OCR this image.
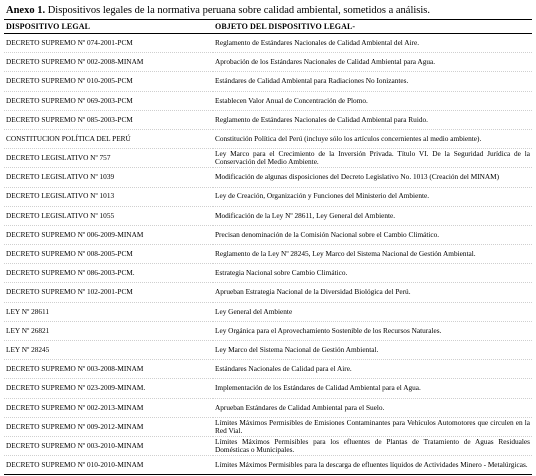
Anexo 1. Dispositivos legales de la normativa peruana sobre calidad ambiental, sometidos a análisis.
DISPOSITIVO LEGAL	OBJETO DEL DISPOSITIVO LEGAL-
DECRETO SUPREMO Nº 074-2001-PCM	Reglamento de Estándares Nacionales de Calidad Ambiental del Aire.
DECRETO SUPREMO Nº 002-2008-MINAM	Aprobación de los Estándares Nacionales de Calidad Ambiental para Agua.
DECRETO SUPREMO Nº 010-2005-PCM	Estándares de Calidad Ambiental para Radiaciones No Ionizantes.
DECRETO SUPREMO Nº 069-2003-PCM	Establecen Valor Anual de Concentración de Plomo.
DECRETO SUPREMO Nº 085-2003-PCM	Reglamento de Estándares Nacionales de Calidad Ambiental para Ruido.
CONSTITUCION POLÍTICA DEL PERÚ	Constitución Política del Perú (incluye sólo los artículos concernientes al medio ambiente).
DECRETO LEGISLATIVO Nº 757	Ley Marco para el Crecimiento de la Inversión Privada. Título VI. De la Seguridad Jurídica de la Conservación del Medio Ambiente.
DECRETO LEGISLATIVO Nº 1039	Modificación de algunas disposiciones del Decreto Legislativo No. 1013 (Creación del MINAM)
DECRETO LEGISLATIVO Nº 1013	Ley de Creación, Organización y Funciones del Ministerio del Ambiente.
DECRETO LEGISLATIVO Nº 1055	Modificación de la Ley Nº 28611, Ley General del Ambiente.
DECRETO SUPREMO Nº 006-2009-MINAM	Precisan denominación de la Comisión Nacional sobre el Cambio Climático.
DECRETO SUPREMO Nº 008-2005-PCM	Reglamento de la Ley Nº 28245, Ley Marco del Sistema Nacional de Gestión Ambiental.
DECRETO SUPREMO Nº 086-2003-PCM.	Estrategia Nacional sobre Cambio Climático.
DECRETO SUPREMO Nº 102-2001-PCM	Aprueban Estrategia Nacional de la Diversidad Biológica del Perú.
LEY Nº 28611	Ley General del Ambiente
LEY Nº 26821	Ley Orgánica para el Aprovechamiento Sostenible de los Recursos Naturales.
LEY Nº 28245	Ley Marco del Sistema Nacional de Gestión Ambiental.
DECRETO SUPREMO Nº 003-2008-MINAM	Estándares Nacionales de Calidad para el Aire.
DECRETO SUPREMO Nº 023-2009-MINAM.	Implementación de los Estándares de Calidad Ambiental para el Agua.
DECRETO SUPREMO Nº 002-2013-MINAM	Aprueban Estándares de Calidad Ambiental para el Suelo.
DECRETO SUPREMO Nº 009-2012-MINAM	Límites Máximos Permisibles de Emisiones Contaminantes para Vehículos Automotores que circulen en la Red Vial.
DECRETO SUPREMO Nº 003-2010-MINAM	Límites Máximos Permisibles para los efluentes de Plantas de Tratamiento de Aguas Residuales Domésticas o Municipales.
DECRETO SUPREMO Nº 010-2010-MINAM	Límites Máximos Permisibles para la descarga de efluentes líquidos de Actividades Minero - Metalúrgicas.
